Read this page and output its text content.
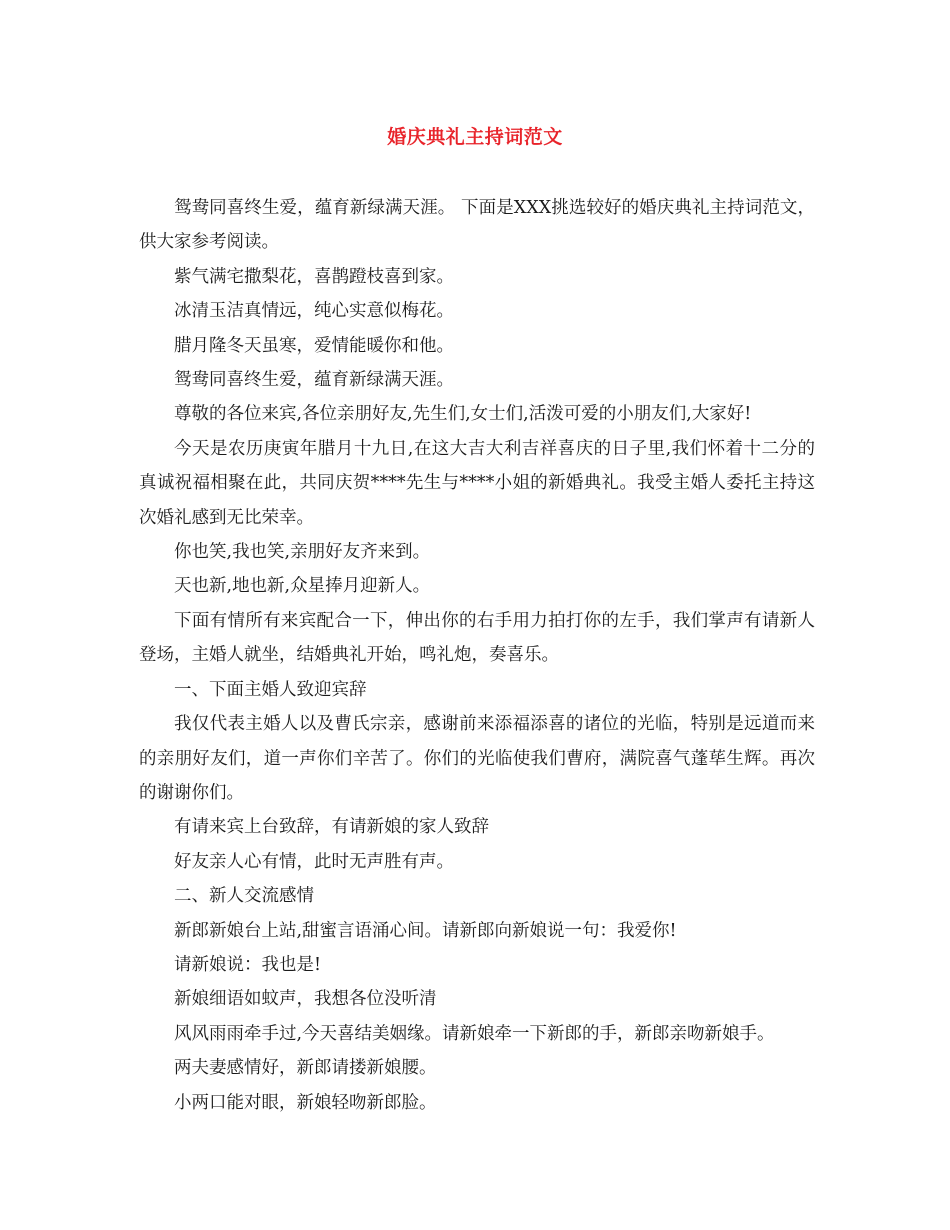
婚庆典礼主持词范文

鸳鸯同喜终生爱，蕴育新绿满天涯。 下面是XXX挑选较好的婚庆典礼主持词范文，供大家参考阅读。

紫气满宅撒梨花，喜鹊蹬枝喜到家。

冰清玉洁真情远，纯心实意似梅花。

腊月隆冬天虽寒，爱情能暖你和他。

鸳鸯同喜终生爱，蕴育新绿满天涯。

尊敬的各位来宾,各位亲朋好友,先生们,女士们,活泼可爱的小朋友们,大家好!

今天是农历庚寅年腊月十九日,在这大吉大利吉祥喜庆的日子里,我们怀着十二分的真诚祝福相聚在此，共同庆贺****先生与****小姐的新婚典礼。我受主婚人委托主持这次婚礼感到无比荣幸。

你也笑,我也笑,亲朋好友齐来到。

天也新,地也新,众星捧月迎新人。

下面有情所有来宾配合一下，伸出你的右手用力拍打你的左手，我们掌声有请新人登场，主婚人就坐，结婚典礼开始，鸣礼炮，奏喜乐。

一、下面主婚人致迎宾辞

我仅代表主婚人以及曹氏宗亲，感谢前来添福添喜的诸位的光临，特别是远道而来的亲朋好友们，道一声你们辛苦了。你们的光临使我们曹府，满院喜气蓬荜生辉。再次的谢谢你们。

有请来宾上台致辞，有请新娘的家人致辞

好友亲人心有情，此时无声胜有声。

二、新人交流感情

新郎新娘台上站,甜蜜言语涌心间。请新郎向新娘说一句：我爱你!

请新娘说：我也是!

新娘细语如蚊声，我想各位没听清

风风雨雨牵手过,今天喜结美姻缘。请新娘牵一下新郎的手，新郎亲吻新娘手。

两夫妻感情好，新郎请搂新娘腰。

小两口能对眼，新娘轻吻新郎脸。
